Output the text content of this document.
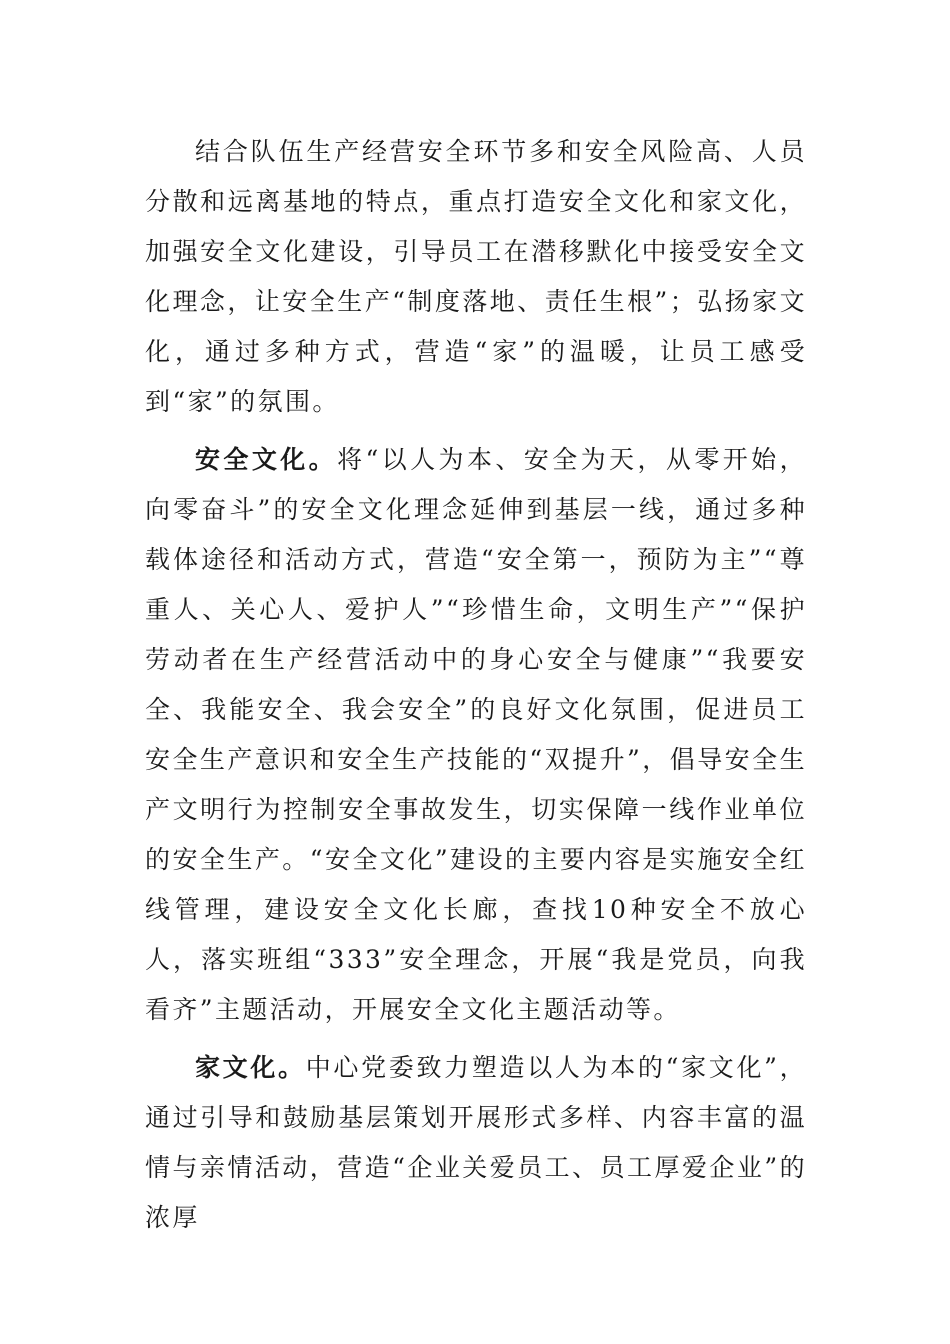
结合队伍生产经营安全环节多和安全风险高、人员分散和远离基地的特点，重点打造安全文化和家文化，加强安全文化建设，引导员工在潜移默化中接受安全文化理念，让安全生产“制度落地、责任生根”；弘扬家文化，通过多种方式，营造“家”的温暖，让员工感受到“家”的氛围。

安全文化。将“以人为本、安全为天，从零开始，向零奋斗”的安全文化理念延伸到基层一线，通过多种载体途径和活动方式，营造“安全第一，预防为主”“尊重人、关心人、爱护人”“珍惜生命，文明生产”“保护劳动者在生产经营活动中的身心安全与健康”“我要安全、我能安全、我会安全”的良好文化氛围，促进员工安全生产意识和安全生产技能的“双提升”，倡导安全生产文明行为控制安全事故发生，切实保障一线作业单位的安全生产。“安全文化”建设的主要内容是实施安全红线管理，建设安全文化长廊，查找10种安全不放心人，落实班组“333”安全理念，开展“我是党员，向我看齐”主题活动，开展安全文化主题活动等。

家文化。中心党委致力塑造以人为本的“家文化”，通过引导和鼓励基层策划开展形式多样、内容丰富的温情与亲情活动，营造“企业关爱员工、员工厚爱企业”的浓厚
